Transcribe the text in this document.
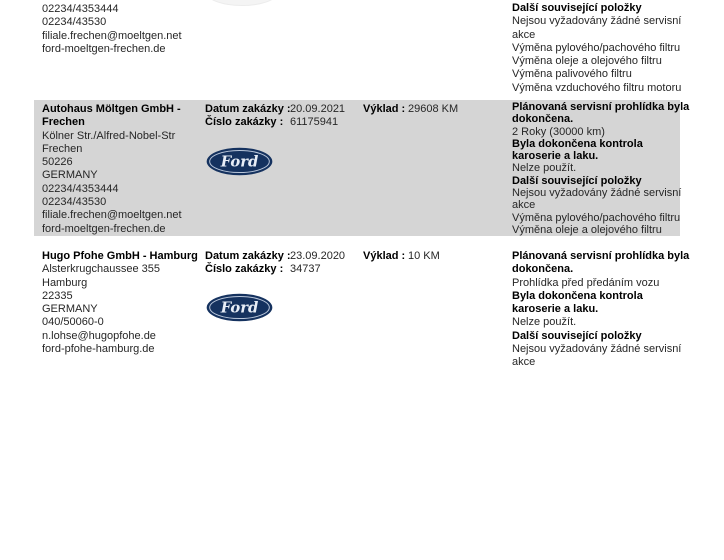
02234/4353444
02234/43530
filiale.frechen@moeltgen.net
ford-moeltgen-frechen.de
Další související položky
Nejsou vyžadovány žádné servisní
akce
Výměna pylového/pachového filtru
Výměna oleje a olejového filtru
Výměna palivového filtru
Výměna vzduchového filtru motoru
Autohaus Möltgen GmbH -
Frechen
Kölner Str./Alfred-Nobel-Str
Frechen
50226
GERMANY
02234/4353444
02234/43530
filiale.frechen@moeltgen.net
ford-moeltgen-frechen.de
Datum zakázky : 20.09.2021
Číslo zakázky : 61175941
Výklad : 29608 KM
Ford
Plánovaná servisní prohlídka byla
dokončena.
2 Roky (30000 km)
Byla dokončena kontrola
karoserie a laku.
Nelze použít.
Další související položky
Nejsou vyžadovány žádné servisní
akce
Výměna pylového/pachového filtru
Výměna oleje a olejového filtru
Hugo Pfohe GmbH - Hamburg
Alsterkrugchaussee 355
Hamburg
22335
GERMANY
040/50060-0
n.lohse@hugopfohe.de
ford-pfohe-hamburg.de
Datum zakázky : 23.09.2020
Číslo zakázky : 34737
Výklad : 10 KM
Ford
Plánovaná servisní prohlídka byla
dokončena.
Prohlídka před předáním vozu
Byla dokončena kontrola
karoserie a laku.
Nelze použít.
Další související položky
Nejsou vyžadovány žádné servisní
akce
